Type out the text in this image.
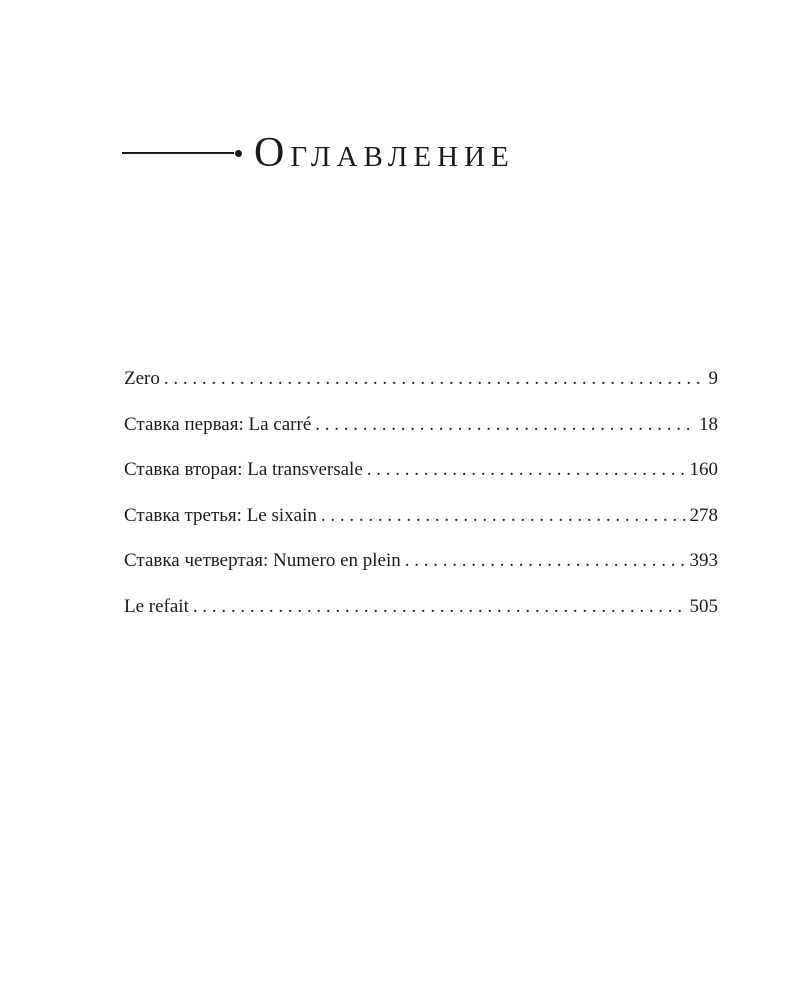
Оглавление
Zero . . .	9
Ставка первая: La carré . . .	18
Ставка вторая: La transversale . . .	160
Ставка третья: Le sixain . . .	278
Ставка четвертая: Numero en plein . . .	393
Le refait . . .	505
